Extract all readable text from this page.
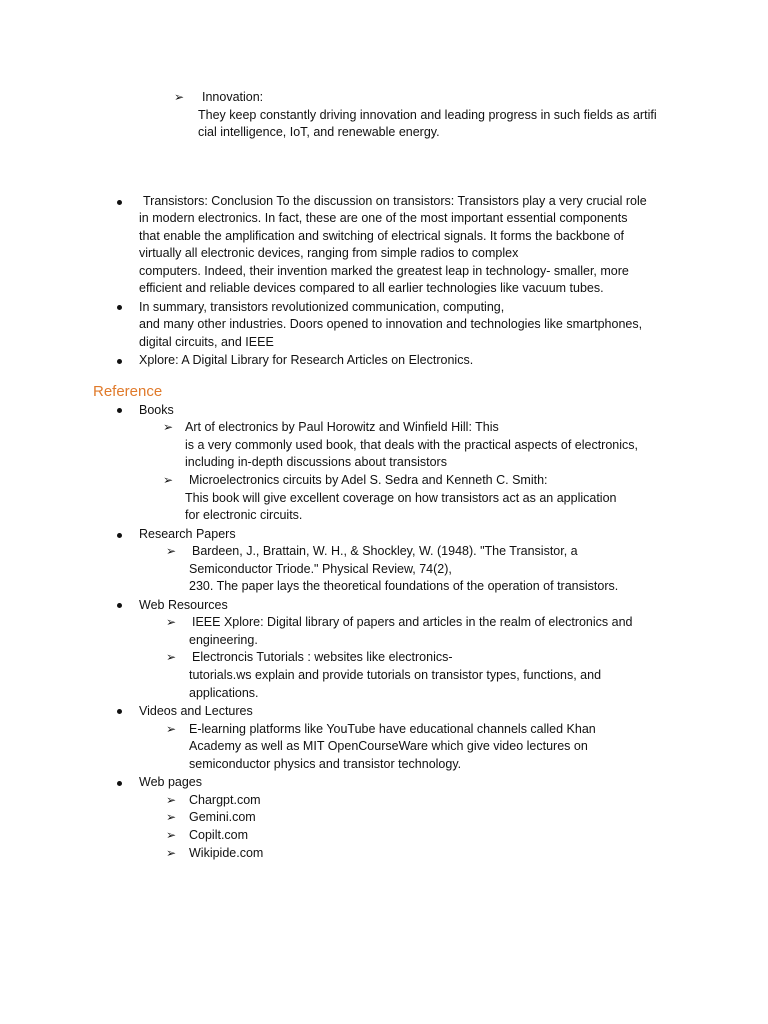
➢ Innovation:
They keep constantly driving innovation and leading progress in such fields as artifi
cial intelligence, IoT, and renewable energy.
Transistors: Conclusion To the discussion on transistors: Transistors play a very crucial role
in modern electronics. In fact, these are one of the most important essential components
that enable the amplification and switching of electrical signals. It forms the backbone of
virtually all electronic devices, ranging from simple radios to complex
computers. Indeed, their invention marked the greatest leap in technology- smaller, more
efficient and reliable devices compared to all earlier technologies like vacuum tubes.
In summary, transistors revolutionized communication, computing,
and many other industries. Doors opened to innovation and technologies like smartphones,
digital circuits, and IEEE
Xplore: A Digital Library for Research Articles on Electronics.
Reference
Books
➢ Art of electronics by Paul Horowitz and Winfield Hill: This
is a very commonly used book, that deals with the practical aspects of electronics,
including in-depth discussions about transistors
➢ Microelectronics circuits by Adel S. Sedra and Kenneth C. Smith:
This book will give excellent coverage on how transistors act as an application
for electronic circuits.
Research Papers
➢ Bardeen, J., Brattain, W. H., & Shockley, W. (1948). "The Transistor, a
Semiconductor Triode." Physical Review, 74(2),
230. The paper lays the theoretical foundations of the operation of transistors.
Web Resources
➢ IEEE Xplore: Digital library of papers and articles in the realm of electronics and
engineering.
➢ Electroncis Tutorials : websites like electronics-
tutorials.ws explain and provide tutorials on transistor types, functions, and
applications.
Videos and Lectures
➢ E-learning platforms like YouTube have educational channels called Khan
Academy as well as MIT OpenCourseWare which give video lectures on
semiconductor physics and transistor technology.
Web pages
➢ Chargpt.com
➢ Gemini.com
➢ Copilt.com
➢ Wikipide.com
